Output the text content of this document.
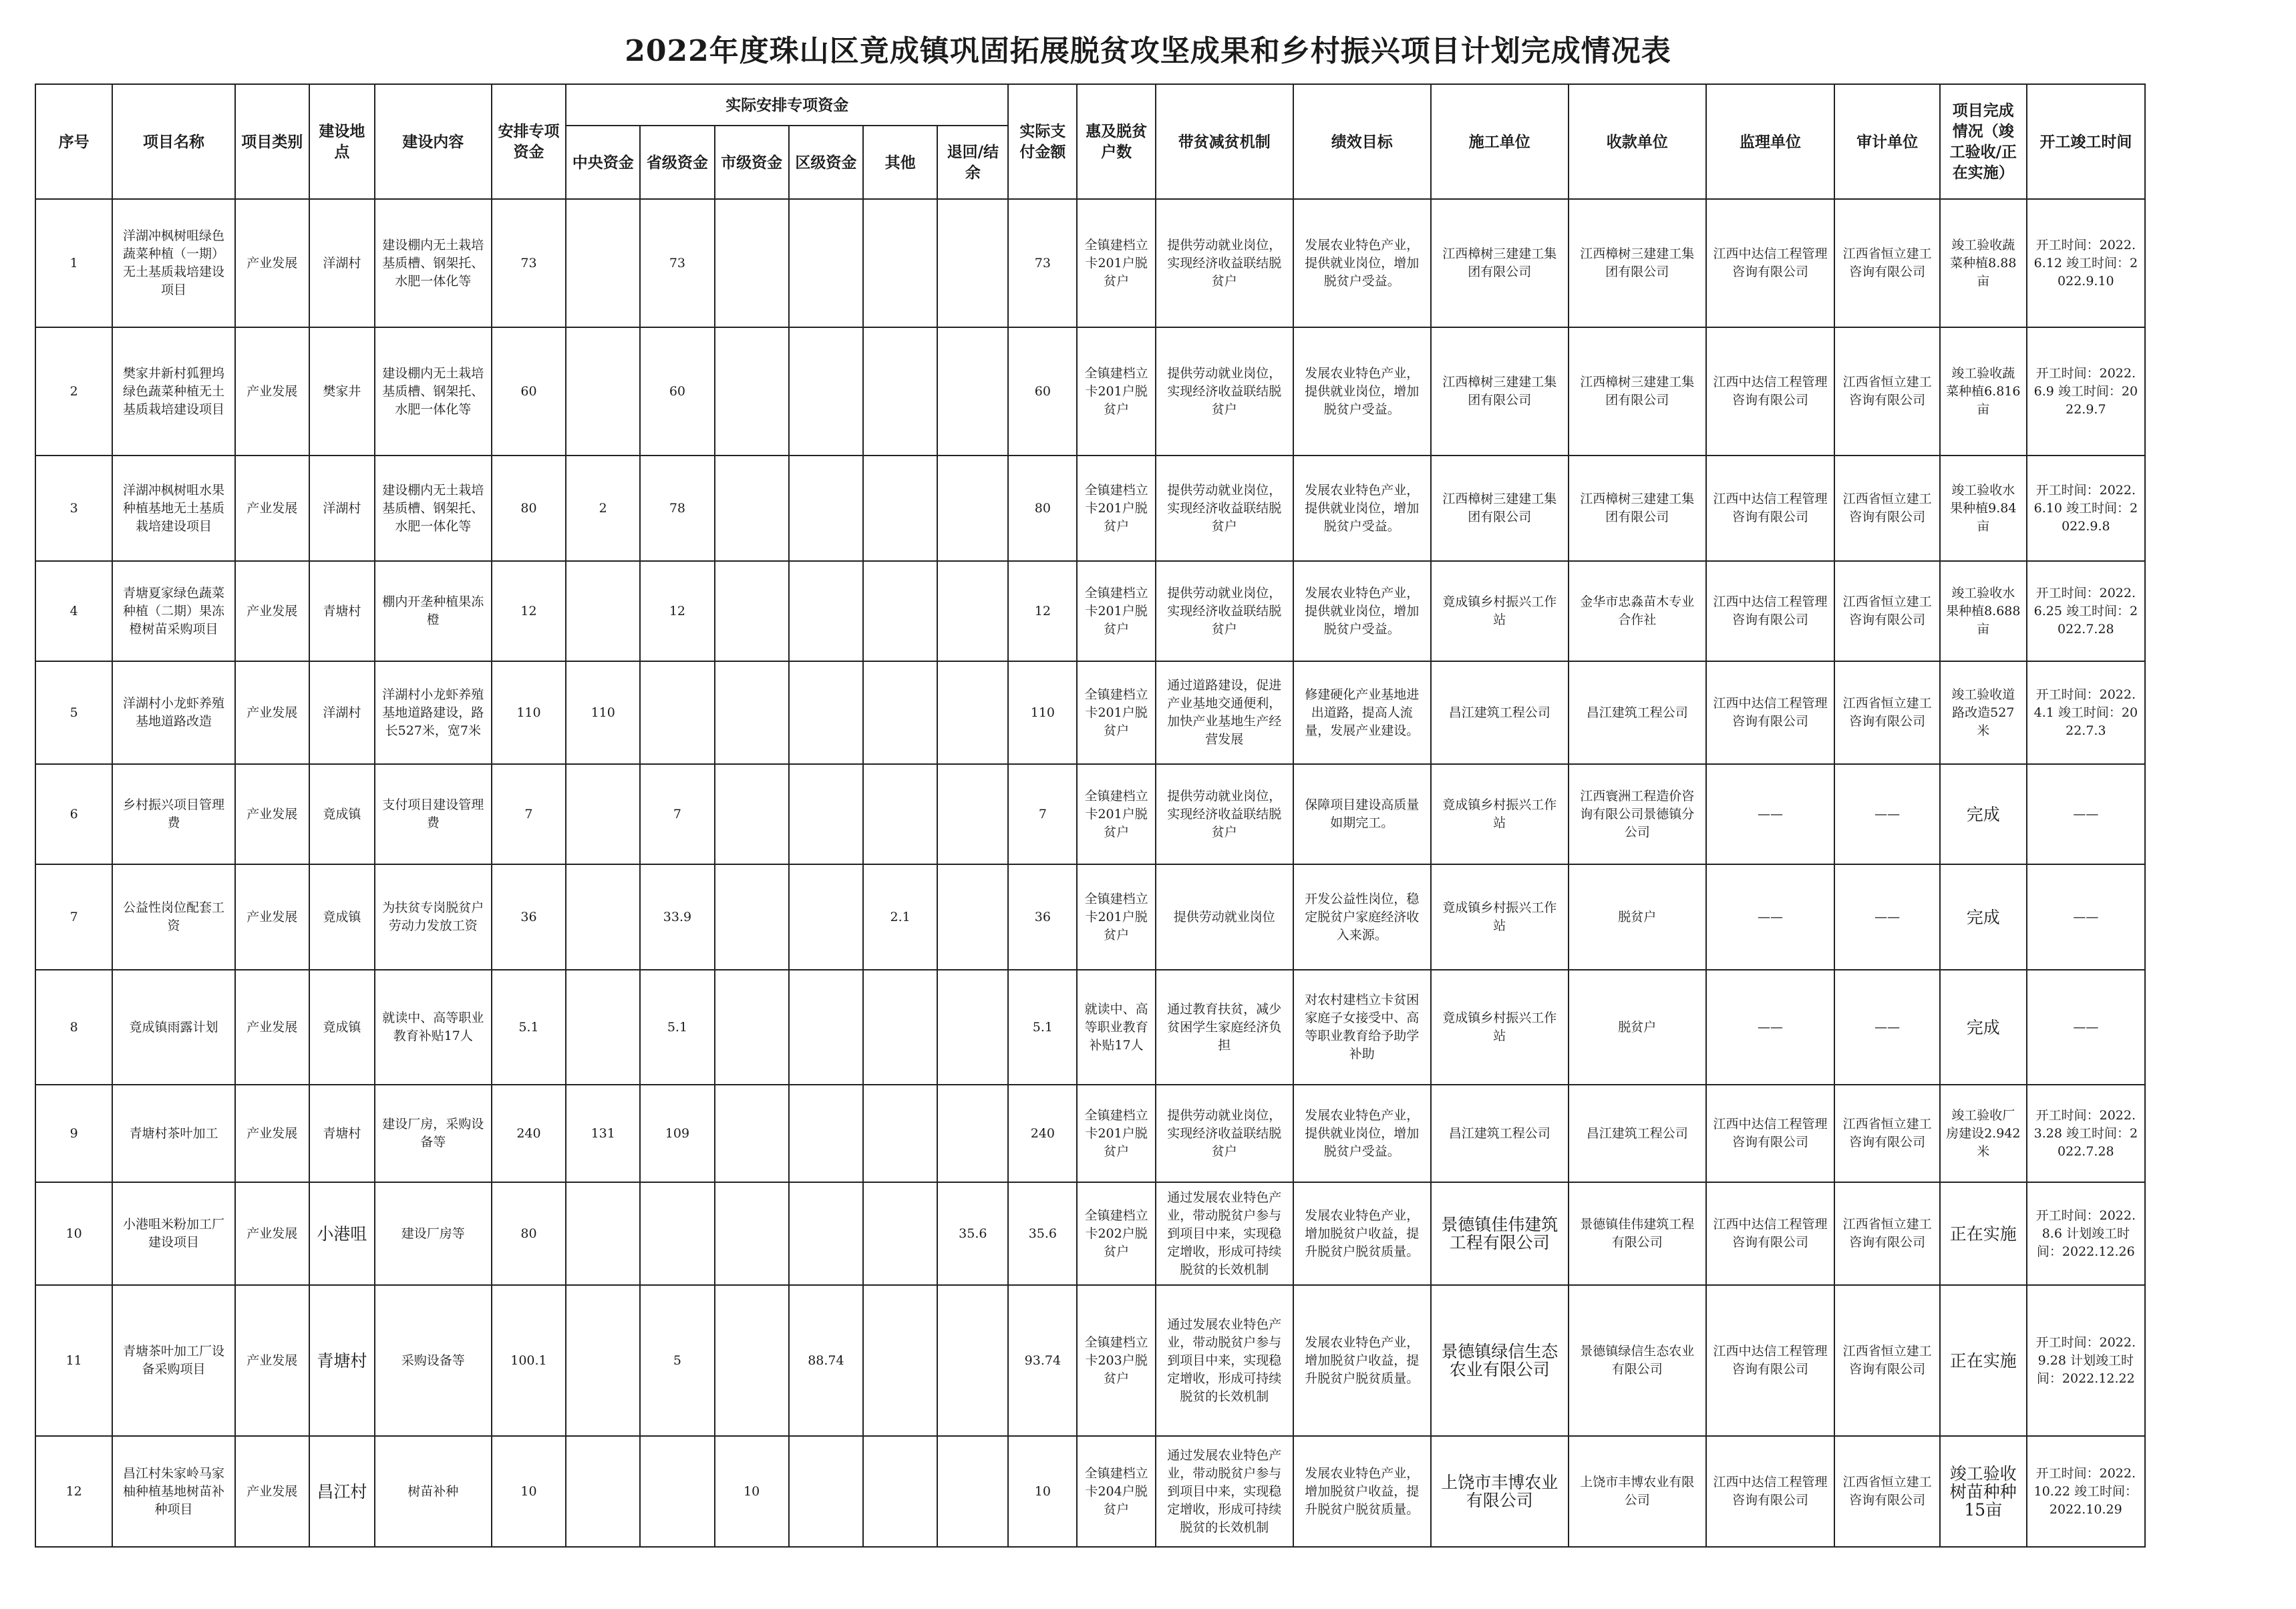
2022年度珠山区竟成镇巩固拓展脱贫攻坚成果和乡村振兴项目计划完成情况表
序号	项目名称	项目类别	建设地点	建设内容	安排专项资金	实际安排专项资金						实际支付金额	惠及脱贫户数	带贫减贫机制	绩效目标	施工单位	收款单位	监理单位	审计单位	项目完成情况（竣工验收/正在实施）	开工竣工时间
						中央资金	省级资金	市级资金	区级资金	其他	退回/结余										
1	洋湖冲枫树咀绿色蔬菜种植（一期）无土基质栽培建设项目	产业发展	洋湖村	建设棚内无土栽培基质槽、钢架托、水肥一体化等	73		73					73	全镇建档立卡201户脱贫户	提供劳动就业岗位，实现经济收益联结脱贫户	发展农业特色产业，提供就业岗位，增加脱贫户受益。	江西樟树三建建工集团有限公司	江西樟树三建建工集团有限公司	江西中达信工程管理咨询有限公司	江西省恒立建工咨询有限公司	竣工验收蔬菜种植8.88亩	开工时间：2022.6.12 竣工时间：2022.9.10
2	樊家井新村狐狸坞绿色蔬菜种植无土基质栽培建设项目	产业发展	樊家井	建设棚内无土栽培基质槽、钢架托、水肥一体化等	60		60					60	全镇建档立卡201户脱贫户	提供劳动就业岗位，实现经济收益联结脱贫户	发展农业特色产业，提供就业岗位，增加脱贫户受益。	江西樟树三建建工集团有限公司	江西樟树三建建工集团有限公司	江西中达信工程管理咨询有限公司	江西省恒立建工咨询有限公司	竣工验收蔬菜种植6.816亩	开工时间：2022.6.9 竣工时间：2022.9.7
3	洋湖冲枫树咀水果种植基地无土基质栽培建设项目	产业发展	洋湖村	建设棚内无土栽培基质槽、钢架托、水肥一体化等	80	2	78					80	全镇建档立卡201户脱贫户	提供劳动就业岗位，实现经济收益联结脱贫户	发展农业特色产业，提供就业岗位，增加脱贫户受益。	江西樟树三建建工集团有限公司	江西樟树三建建工集团有限公司	江西中达信工程管理咨询有限公司	江西省恒立建工咨询有限公司	竣工验收水果种植9.84亩	开工时间：2022.6.10 竣工时间：2022.9.8
4	青塘夏家绿色蔬菜种植（二期）果冻橙树苗采购项目	产业发展	青塘村	棚内开垄种植果冻橙	12		12					12	全镇建档立卡201户脱贫户	提供劳动就业岗位，实现经济收益联结脱贫户	发展农业特色产业，提供就业岗位，增加脱贫户受益。	竟成镇乡村振兴工作站	金华市忠淼苗木专业合作社	江西中达信工程管理咨询有限公司	江西省恒立建工咨询有限公司	竣工验收水果种植8.688亩	开工时间：2022.6.25 竣工时间：2022.7.28
5	洋湖村小龙虾养殖基地道路改造	产业发展	洋湖村	洋湖村小龙虾养殖基地道路建设，路长527米，宽7米	110	110						110	全镇建档立卡201户脱贫户	通过道路建设，促进产业基地交通便利，加快产业基地生产经营发展	修建硬化产业基地进出道路，提高人流量，发展产业建设。	昌江建筑工程公司	昌江建筑工程公司	江西中达信工程管理咨询有限公司	江西省恒立建工咨询有限公司	竣工验收道路改造527米	开工时间：2022.4.1 竣工时间：2022.7.3
6	乡村振兴项目管理费	产业发展	竟成镇	支付项目建设管理费	7		7					7	全镇建档立卡201户脱贫户	提供劳动就业岗位，实现经济收益联结脱贫户	保障项目建设高质量如期完工。	竟成镇乡村振兴工作站	江西寰洲工程造价咨询有限公司景德镇分公司	——	——	完成	——
7	公益性岗位配套工资	产业发展	竟成镇	为扶贫专岗脱贫户劳动力发放工资	36		33.9			2.1		36	全镇建档立卡201户脱贫户	提供劳动就业岗位	开发公益性岗位，稳定脱贫户家庭经济收入来源。	竟成镇乡村振兴工作站	脱贫户	——	——	完成	——
8	竟成镇雨露计划	产业发展	竟成镇	就读中、高等职业教育补贴17人	5.1		5.1					5.1	就读中、高等职业教育补贴17人	通过教育扶贫，减少贫困学生家庭经济负担	对农村建档立卡贫困家庭子女接受中、高等职业教育给予助学补助	竟成镇乡村振兴工作站	脱贫户	——	——	完成	——
9	青塘村茶叶加工	产业发展	青塘村	建设厂房，采购设备等	240	131	109					240	全镇建档立卡201户脱贫户	提供劳动就业岗位，实现经济收益联结脱贫户	发展农业特色产业，提供就业岗位，增加脱贫户受益。	昌江建筑工程公司	昌江建筑工程公司	江西中达信工程管理咨询有限公司	江西省恒立建工咨询有限公司	竣工验收厂房建设2.942米	开工时间：2022.3.28 竣工时间：2022.7.28
10	小港咀米粉加工厂建设项目	产业发展	小港咀	建设厂房等	80						35.6	35.6	全镇建档立卡202户脱贫户	通过发展农业特色产业，带动脱贫户参与到项目中来，实现稳定增收，形成可持续脱贫的长效机制	发展农业特色产业，增加脱贫户收益，提升脱贫户脱贫质量。	景德镇佳伟建筑工程有限公司	景德镇佳伟建筑工程有限公司	江西中达信工程管理咨询有限公司	江西省恒立建工咨询有限公司	正在实施	开工时间：2022.8.6 计划竣工时间：2022.12.26
11	青塘茶叶加工厂设备采购项目	产业发展	青塘村	采购设备等	100.1		5		88.74			93.74	全镇建档立卡203户脱贫户	通过发展农业特色产业，带动脱贫户参与到项目中来，实现稳定增收，形成可持续脱贫的长效机制	发展农业特色产业，增加脱贫户收益，提升脱贫户脱贫质量。	景德镇绿信生态农业有限公司	景德镇绿信生态农业有限公司	江西中达信工程管理咨询有限公司	江西省恒立建工咨询有限公司	正在实施	开工时间：2022.9.28 计划竣工时间：2022.12.22
12	昌江村朱家岭马家柚种植基地树苗补种项目	产业发展	昌江村	树苗补种	10			10				10	全镇建档立卡204户脱贫户	通过发展农业特色产业，带动脱贫户参与到项目中来，实现稳定增收，形成可持续脱贫的长效机制	发展农业特色产业，增加脱贫户收益，提升脱贫户脱贫质量。	上饶市丰博农业有限公司	上饶市丰博农业有限公司	江西中达信工程管理咨询有限公司	江西省恒立建工咨询有限公司	竣工验收树苗种种15亩	开工时间：2022.10.22 竣工时间：2022.10.29
